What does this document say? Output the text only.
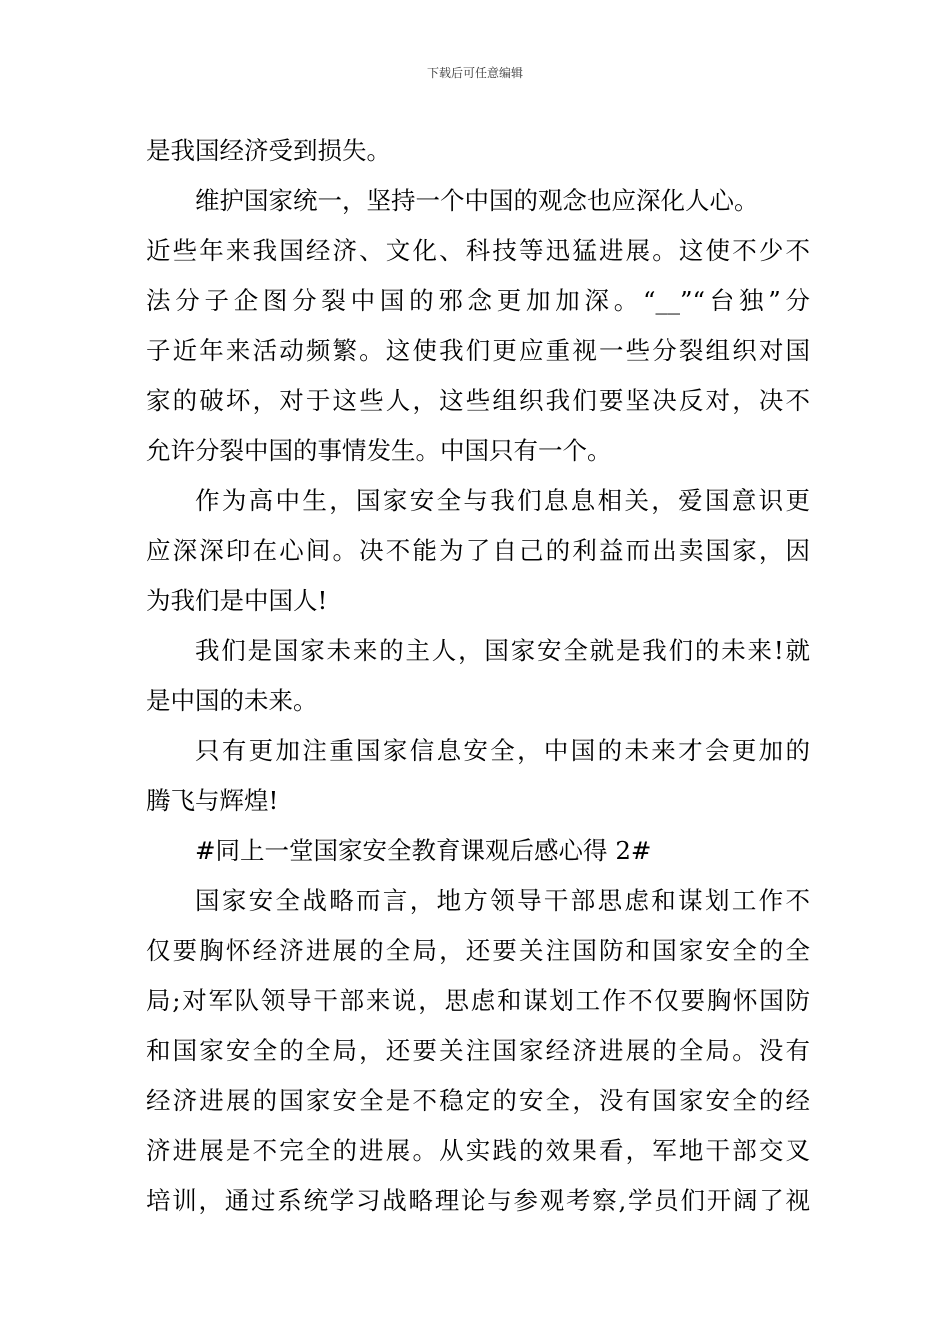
下载后可任意编辑
是我国经济受到损失。
维护国家统一，坚持一个中国的观念也应深化人心。
近些年来我国经济、文化、科技等迅猛进展。这使不少不
法分子企图分裂中国的邪念更加加深。“__”“台独”分
子近年来活动频繁。这使我们更应重视一些分裂组织对国
家的破坏，对于这些人，这些组织我们要坚决反对，决不
允许分裂中国的事情发生。中国只有一个。
作为高中生，国家安全与我们息息相关，爱国意识更
应深深印在心间。决不能为了自己的利益而出卖国家，因
为我们是中国人!
我们是国家未来的主人，国家安全就是我们的未来!就
是中国的未来。
只有更加注重国家信息安全，中国的未来才会更加的
腾飞与辉煌!
#同上一堂国家安全教育课观后感心得 2#
国家安全战略而言，地方领导干部思虑和谋划工作不
仅要胸怀经济进展的全局，还要关注国防和国家安全的全
局;对军队领导干部来说，思虑和谋划工作不仅要胸怀国防
和国家安全的全局，还要关注国家经济进展的全局。没有
经济进展的国家安全是不稳定的安全，没有国家安全的经
济进展是不完全的进展。从实践的效果看，军地干部交叉
培训，通过系统学习战略理论与参观考察,学员们开阔了视
